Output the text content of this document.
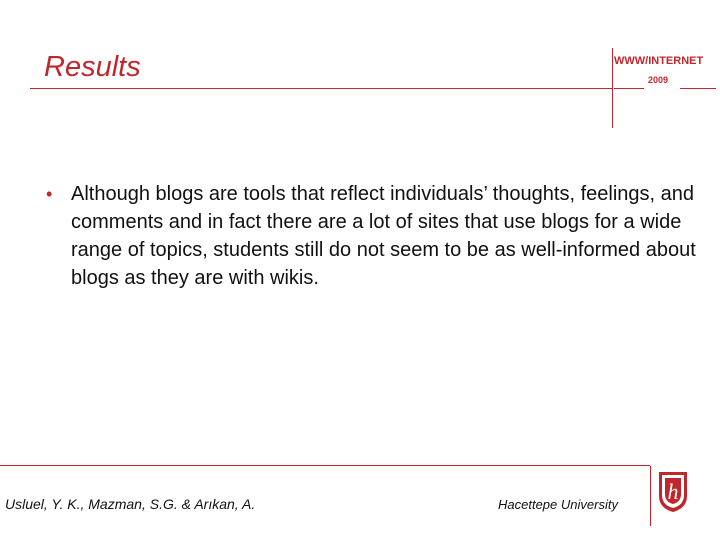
Results	WWW/INTERNET
2009
• Although blogs are tools that reflect individuals’ thoughts, feelings, and comments and in fact there are a lot of sites that use blogs for a wide range of topics, students still do not seem to be as well-informed about blogs as they are with wikis.
Usluel, Y. K., Mazman, S.G. & Arıkan, A.	Hacettepe University
h
